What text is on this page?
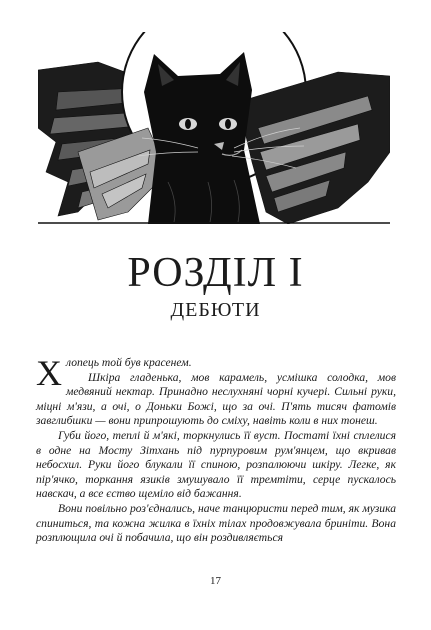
РОЗДІЛ I
ДЕБЮТИ

Хлопець той був красенем.

Шкіра гладенька, мов карамель, усмішка солодка, мов медвяний нектар. Принадно неслухняні чорні кучері. Сильні руки, міцні м'язи, а очі, о Доньки Божі, що за очі. П'ять тисяч фатомів завглибшки — вони припрошують до сміху, навіть коли в них тонеш.

Губи його, теплі й м'які, торкнулись її вуст. Постаті їхні сплелися в одне на Мосту Зітхань під пурпуровим рум'янцем, що вкривав небосхил. Руки його блукали її спиною, розпалюючи шкіру. Легке, як пір'ячко, торкання язиків змушувало її тремтіти, серце пускалось навскач, а все єство щеміло від бажання.

Вони повільно роз'єднались, наче танцюристи перед тим, як музика спиниться, та кожна жилка в їхніх тілах продовжувала бриніти. Вона розплющила очі й побачила, що він роздивляється

17
